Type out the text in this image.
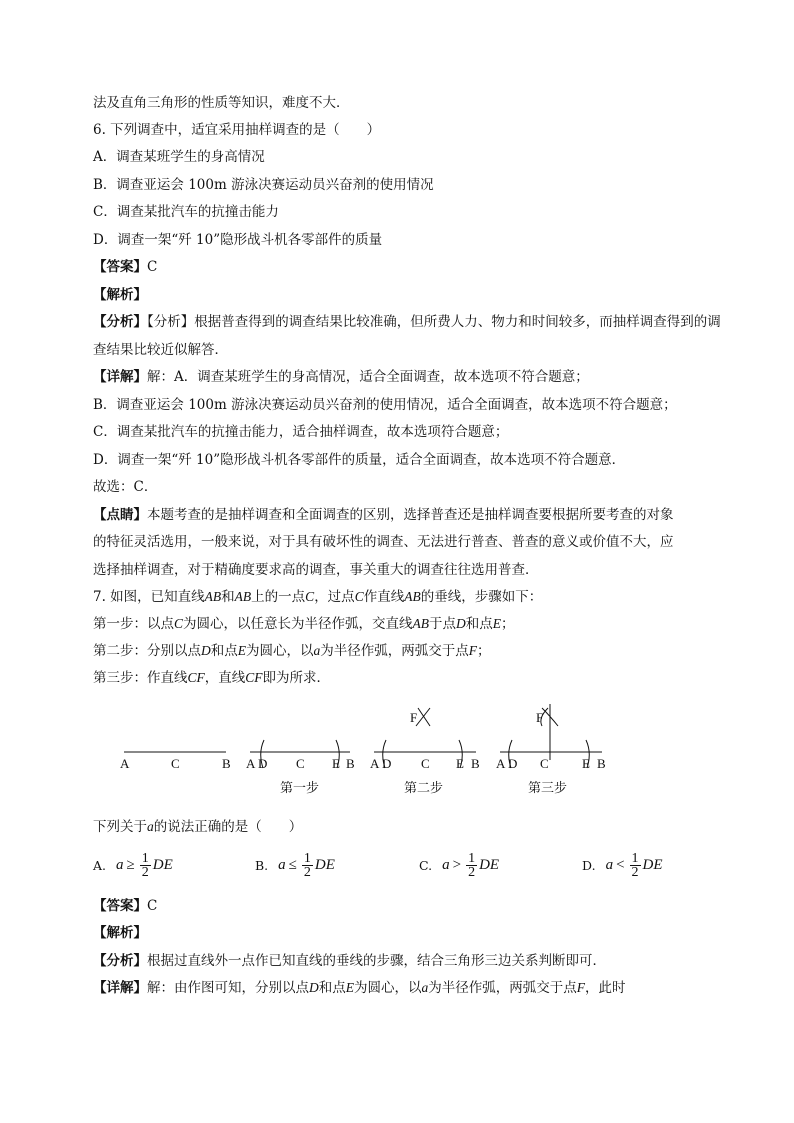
法及直角三角形的性质等知识，难度不大．
6. 下列调查中，适宜采用抽样调查的是（　　）
A．调查某班学生的身高情况
B．调查亚运会 100m 游泳决赛运动员兴奋剂的使用情况
C．调查某批汽车的抗撞击能力
D．调查一架“歼 10”隐形战斗机各零部件的质量
【答案】C
【解析】
【分析】【分析】根据普查得到的调查结果比较准确，但所费人力、物力和时间较多，而抽样调查得到的调
查结果比较近似解答．
【详解】解：A．调查某班学生的身高情况，适合全面调查，故本选项不符合题意；
B．调查亚运会 100m 游泳决赛运动员兴奋剂的使用情况，适合全面调查，故本选项不符合题意；
C．调查某批汽车的抗撞击能力，适合抽样调查，故本选项符合题意；
D．调查一架“歼 10”隐形战斗机各零部件的质量，适合全面调查，故本选项不符合题意．
故选：C．
【点睛】本题考查的是抽样调查和全面调查的区别，选择普查还是抽样调查要根据所要考查的对象
的特征灵活选用，一般来说，对于具有破坏性的调查、无法进行普查、普查的意义或价值不大，应
选择抽样调查，对于精确度要求高的调查，事关重大的调查往往选用普查．
7. 如图，已知直线AB和AB上的一点C，过点C作直线AB的垂线，步骤如下：
第一步：以点C为圆心，以任意长为半径作弧，交直线AB于点D和点E；
第二步：分别以点D和点E为圆心，以a为半径作弧，两弧交于点F；
第三步：作直线CF，直线CF即为所求．
A	C	B A D C E B
F
A D C E B
F
A D C	E B
第一步	第二步	第三步
下列关于a的说法正确的是（　　）
A. $a \ge \frac{1}{2}$ DE	B. $a \le \frac{1}{2}$ DE	C. $a > \frac{1}{2}$ DE	D. $a < \frac{1}{2}$ DE
【答案】C
【解析】
【分析】根据过直线外一点作已知直线的垂线的步骤，结合三角形三边关系判断即可．
【详解】解：由作图可知，分别以点D和点E为圆心，以a为半径作弧，两弧交于点F，此时
